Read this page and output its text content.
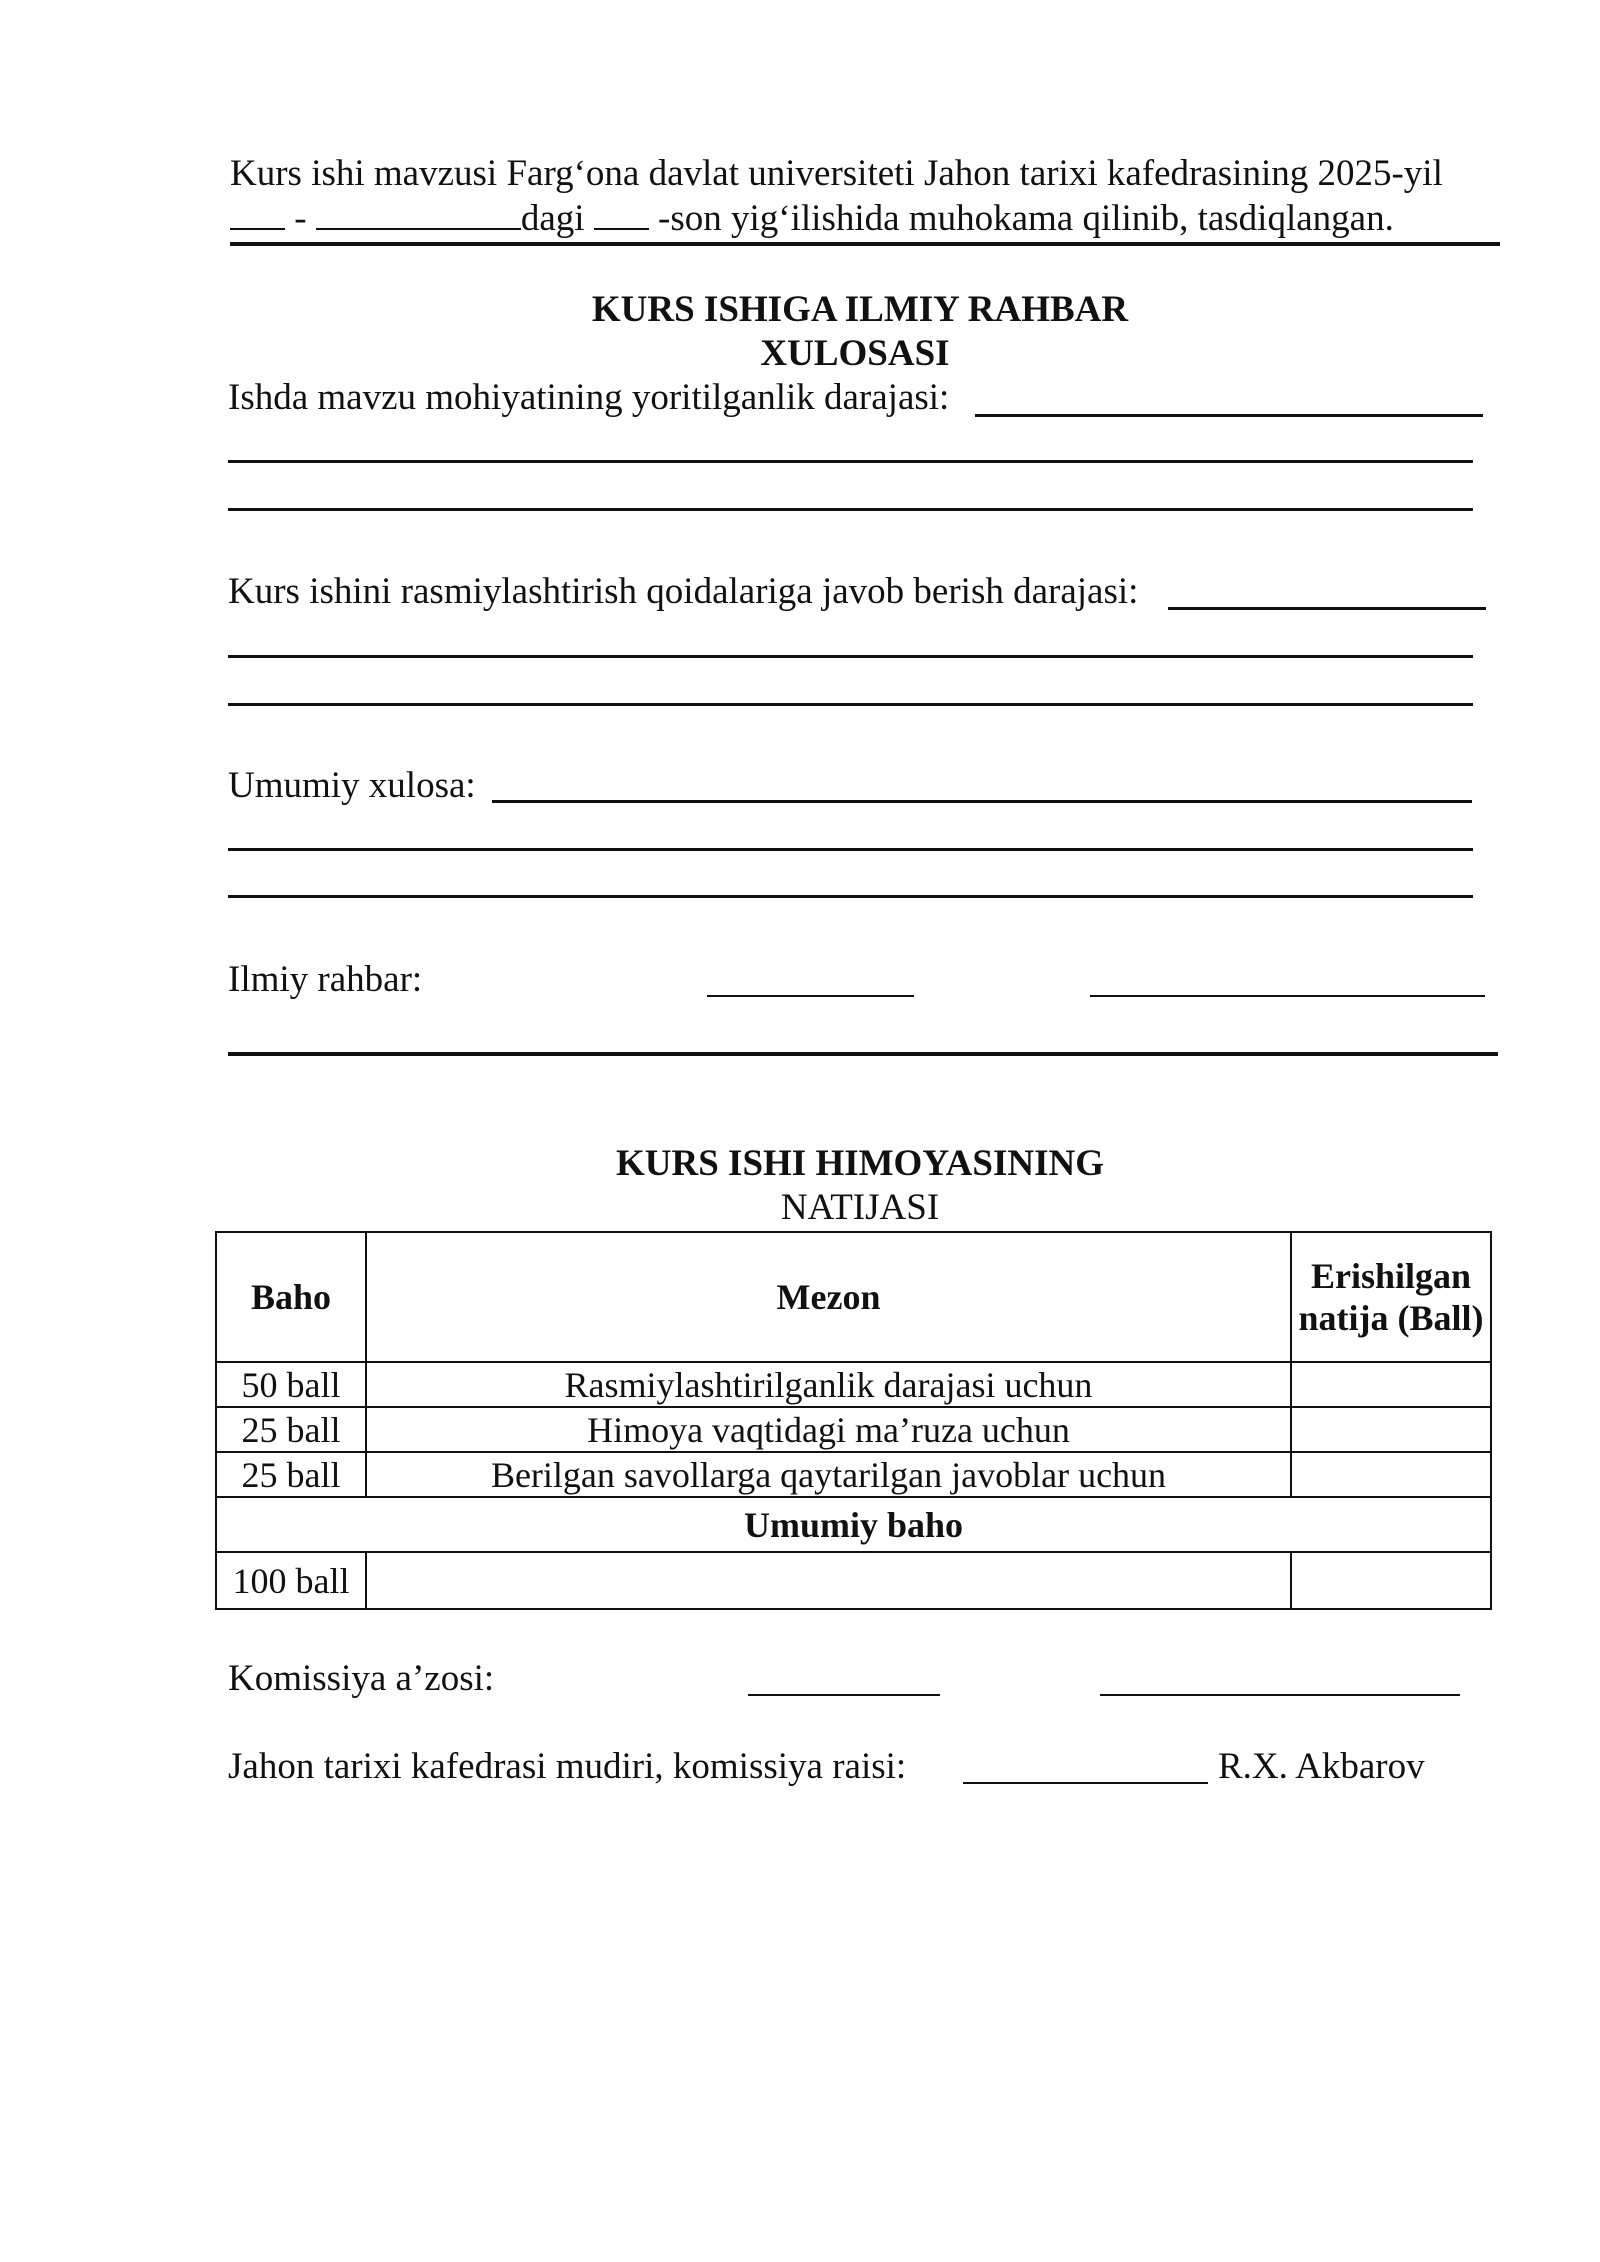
Kurs ishi mavzusi Farg‘ona davlat universiteti Jahon tarixi kafedrasining 2025-yil
-	dagi -son yig‘ilishida muhokama qilinib, tasdiqlangan.
KURS ISHIGA ILMIY RAHBAR
XULOSASI
Ishda mavzu mohiyatining yoritilganlik darajasi:
Kurs ishini rasmiylashtirish qoidalariga javob berish darajasi:
Umumiy xulosa:
Ilmiy rahbar:
KURS ISHI HIMOYASINING
NATIJASI
Baho	Mezon	Erishilgan natija (Ball)
50 ball	Rasmiylashtirilganlik darajasi uchun	
25 ball	Himoya vaqtidagi ma’ruza uchun	
25 ball	Berilgan savollarga qaytarilgan javoblar uchun	
Umumiy baho		
100 ball		
Komissiya a’zosi:
Jahon tarixi kafedrasi mudiri, komissiya raisi:	R.X. Akbarov
